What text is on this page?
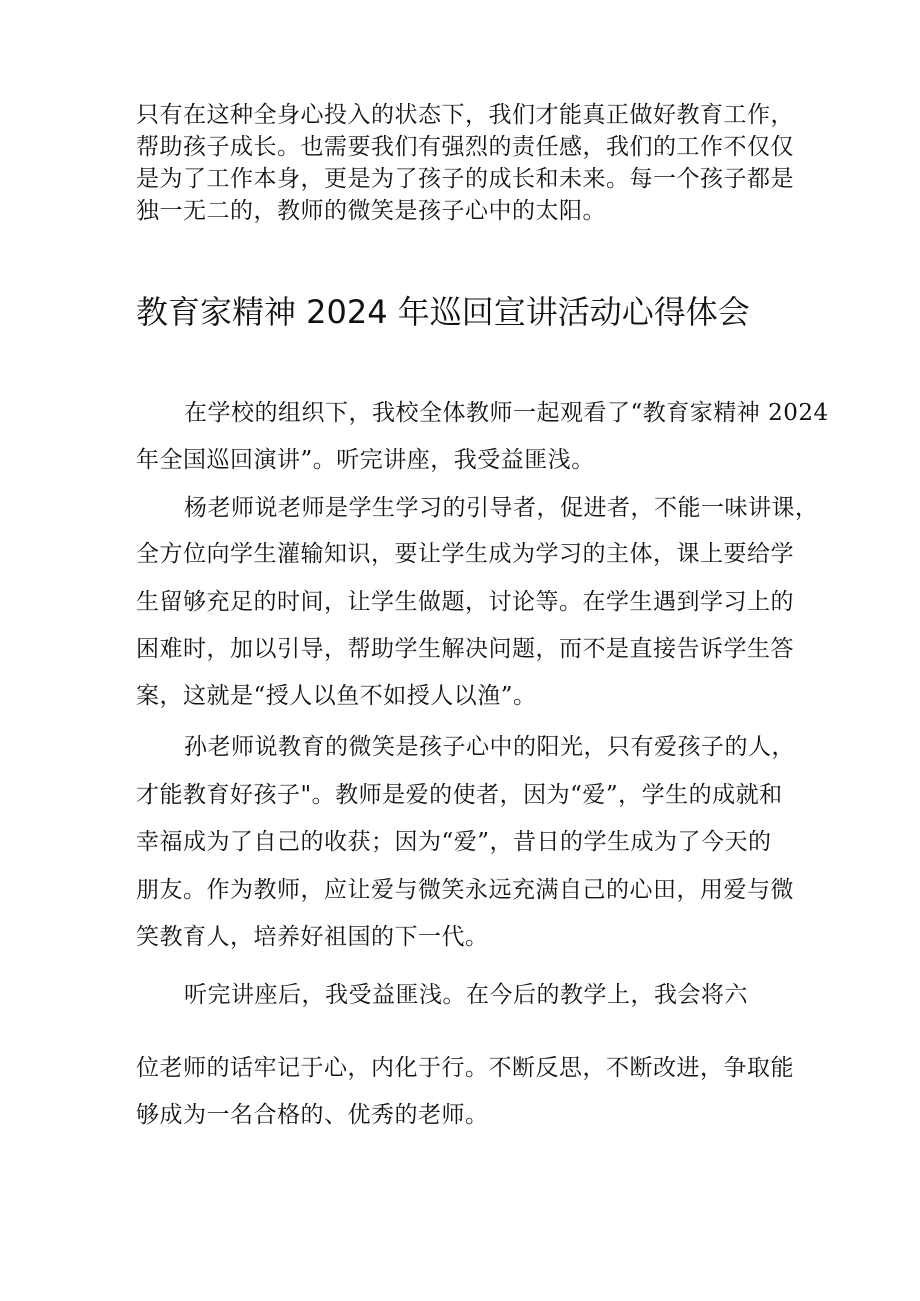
只有在这种全身心投入的状态下，我们才能真正做好教育工作，
帮助孩子成长。也需要我们有强烈的责任感，我们的工作不仅仅
是为了工作本身，更是为了孩子的成长和未来。每一个孩子都是
独一无二的，教师的微笑是孩子心中的太阳。
教育家精神 2024 年巡回宣讲活动心得体会
在学校的组织下，我校全体教师一起观看了“教育家精神 2024
年全国巡回演讲”。听完讲座，我受益匪浅。
杨老师说老师是学生学习的引导者，促进者，不能一味讲课，
全方位向学生灌输知识，要让学生成为学习的主体，课上要给学
生留够充足的时间，让学生做题，讨论等。在学生遇到学习上的
困难时，加以引导，帮助学生解决问题，而不是直接告诉学生答
案，这就是“授人以鱼不如授人以渔”。
孙老师说教育的微笑是孩子心中的阳光，只有爱孩子的人，
才能教育好孩子"。教师是爱的使者，因为“爱”，学生的成就和
幸福成为了自己的收获；因为“爱”，昔日的学生成为了今天的
朋友。作为教师，应让爱与微笑永远充满自己的心田，用爱与微
笑教育人，培养好祖国的下一代。
听完讲座后，我受益匪浅。在今后的教学上，我会将六
位老师的话牢记于心，内化于行。不断反思，不断改进，争取能
够成为一名合格的、优秀的老师。
